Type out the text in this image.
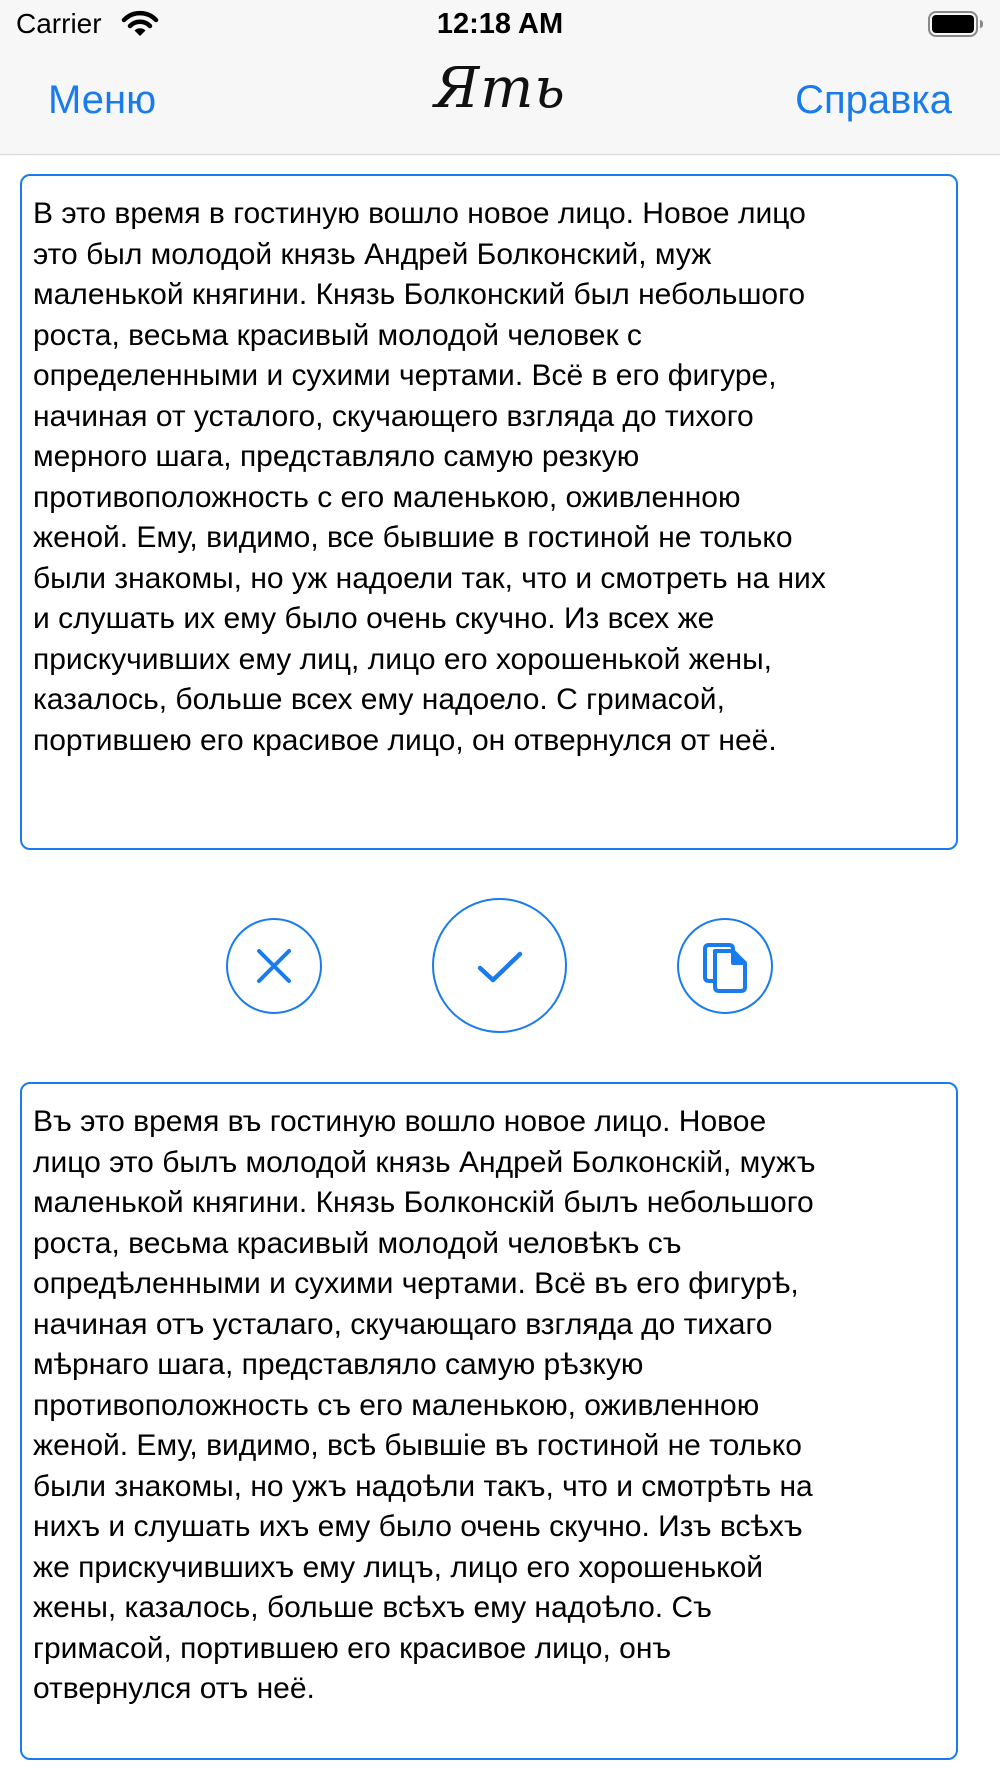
Carrier	12:18 AM
Меню	Ять	Справка
В это время в гостиную вошло новое лицо. Новое лицо
это был молодой князь Андрей Болконский, муж
маленькой княгини. Князь Болконский был небольшого
роста, весьма красивый молодой человек с
определенными и сухими чертами. Всё в его фигуре,
начиная от усталого, скучающего взгляда до тихого
мерного шага, представляло самую резкую
противоположность с его маленькою, оживленною
женой. Ему, видимо, все бывшие в гостиной не только
были знакомы, но уж надоели так, что и смотреть на них
и слушать их ему было очень скучно. Из всех же
прискучивших ему лиц, лицо его хорошенькой жены,
казалось, больше всех ему надоело. С гримасой,
портившею его красивое лицо, он отвернулся от неё.
Въ это время въ гостиную вошло новое лицо. Новое
лицо это былъ молодой князь Андрей Болконскій, мужъ
маленькой княгини. Князь Болконскій былъ небольшого
роста, весьма красивый молодой человѣкъ съ
опредѣленными и сухими чертами. Всё въ его фигурѣ,
начиная отъ усталаго, скучающаго взгляда до тихаго
мѣрнаго шага, представляло самую рѣзкую
противоположность съ его маленькою, оживленною
женой. Ему, видимо, всѣ бывшіе въ гостиной не только
были знакомы, но ужъ надоѣли такъ, что и смотрѣть на
нихъ и слушать ихъ ему было очень скучно. Изъ всѣхъ
же прискучившихъ ему лицъ, лицо его хорошенькой
жены, казалось, больше всѣхъ ему надоѣло. Съ
гримасой, портившею его красивое лицо, онъ
отвернулся отъ неё.
